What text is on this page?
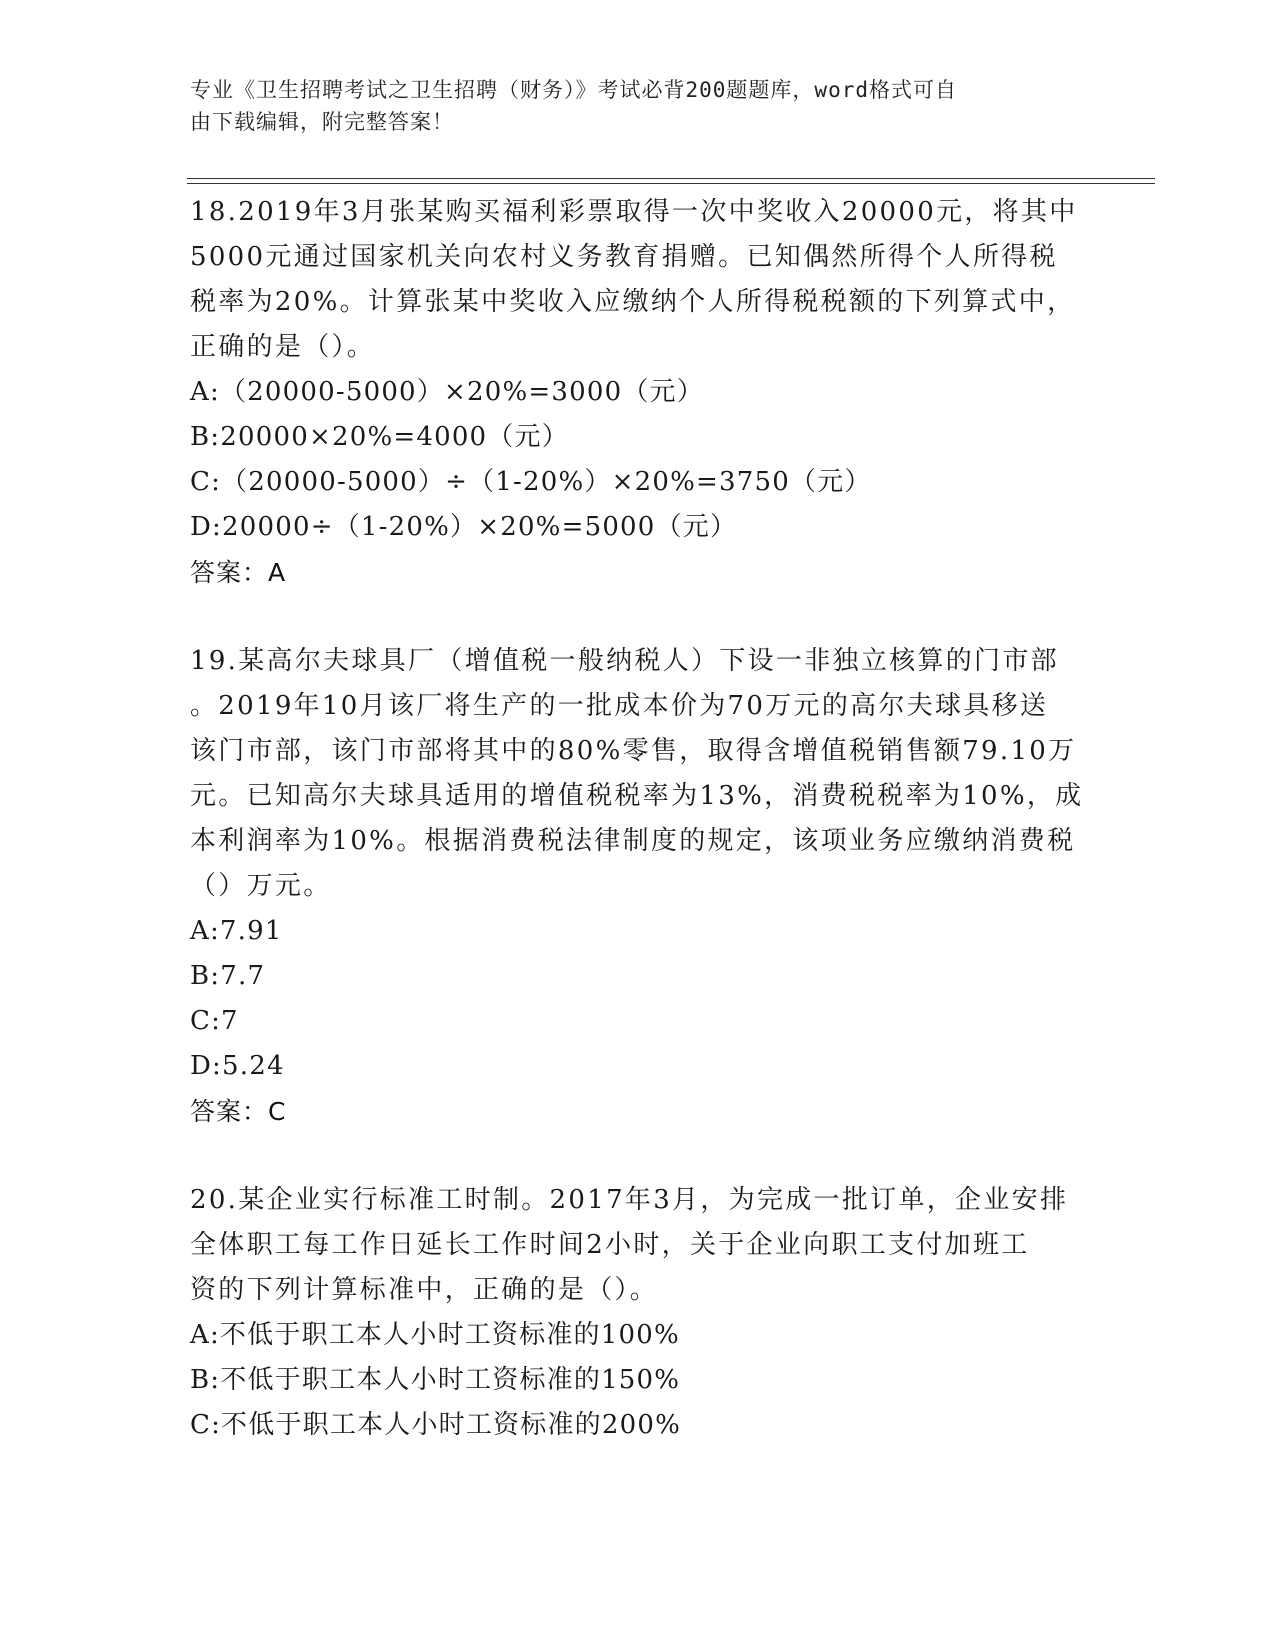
专业《卫生招聘考试之卫生招聘（财务）》考试必背200题题库，word格式可自
由下载编辑，附完整答案！

18.2019年3月张某购买福利彩票取得一次中奖收入20000元，将其中

5000元通过国家机关向农村义务教育捐赠。已知偶然所得个人所得税

税率为20%。计算张某中奖收入应缴纳个人所得税税额的下列算式中，

正确的是（）。

A:（20000-5000）×20%=3000（元）

B:20000×20%=4000（元）

C:（20000-5000）÷（1-20%）×20%=3750（元）

D:20000÷（1-20%）×20%=5000（元）

答案：A

19.某高尔夫球具厂（增值税一般纳税人）下设一非独立核算的门市部

。2019年10月该厂将生产的一批成本价为70万元的高尔夫球具移送

该门市部，该门市部将其中的80%零售，取得含增值税销售额79.10万

元。已知高尔夫球具适用的增值税税率为13%，消费税税率为10%，成

本利润率为10%。根据消费税法律制度的规定，该项业务应缴纳消费税

（）万元。

A:7.91

B:7.7

C:7

D:5.24

答案：C

20.某企业实行标准工时制。2017年3月，为完成一批订单，企业安排

全体职工每工作日延长工作时间2小时，关于企业向职工支付加班工

资的下列计算标准中，正确的是（）。

A:不低于职工本人小时工资标准的100%

B:不低于职工本人小时工资标准的150%

C:不低于职工本人小时工资标准的200%
